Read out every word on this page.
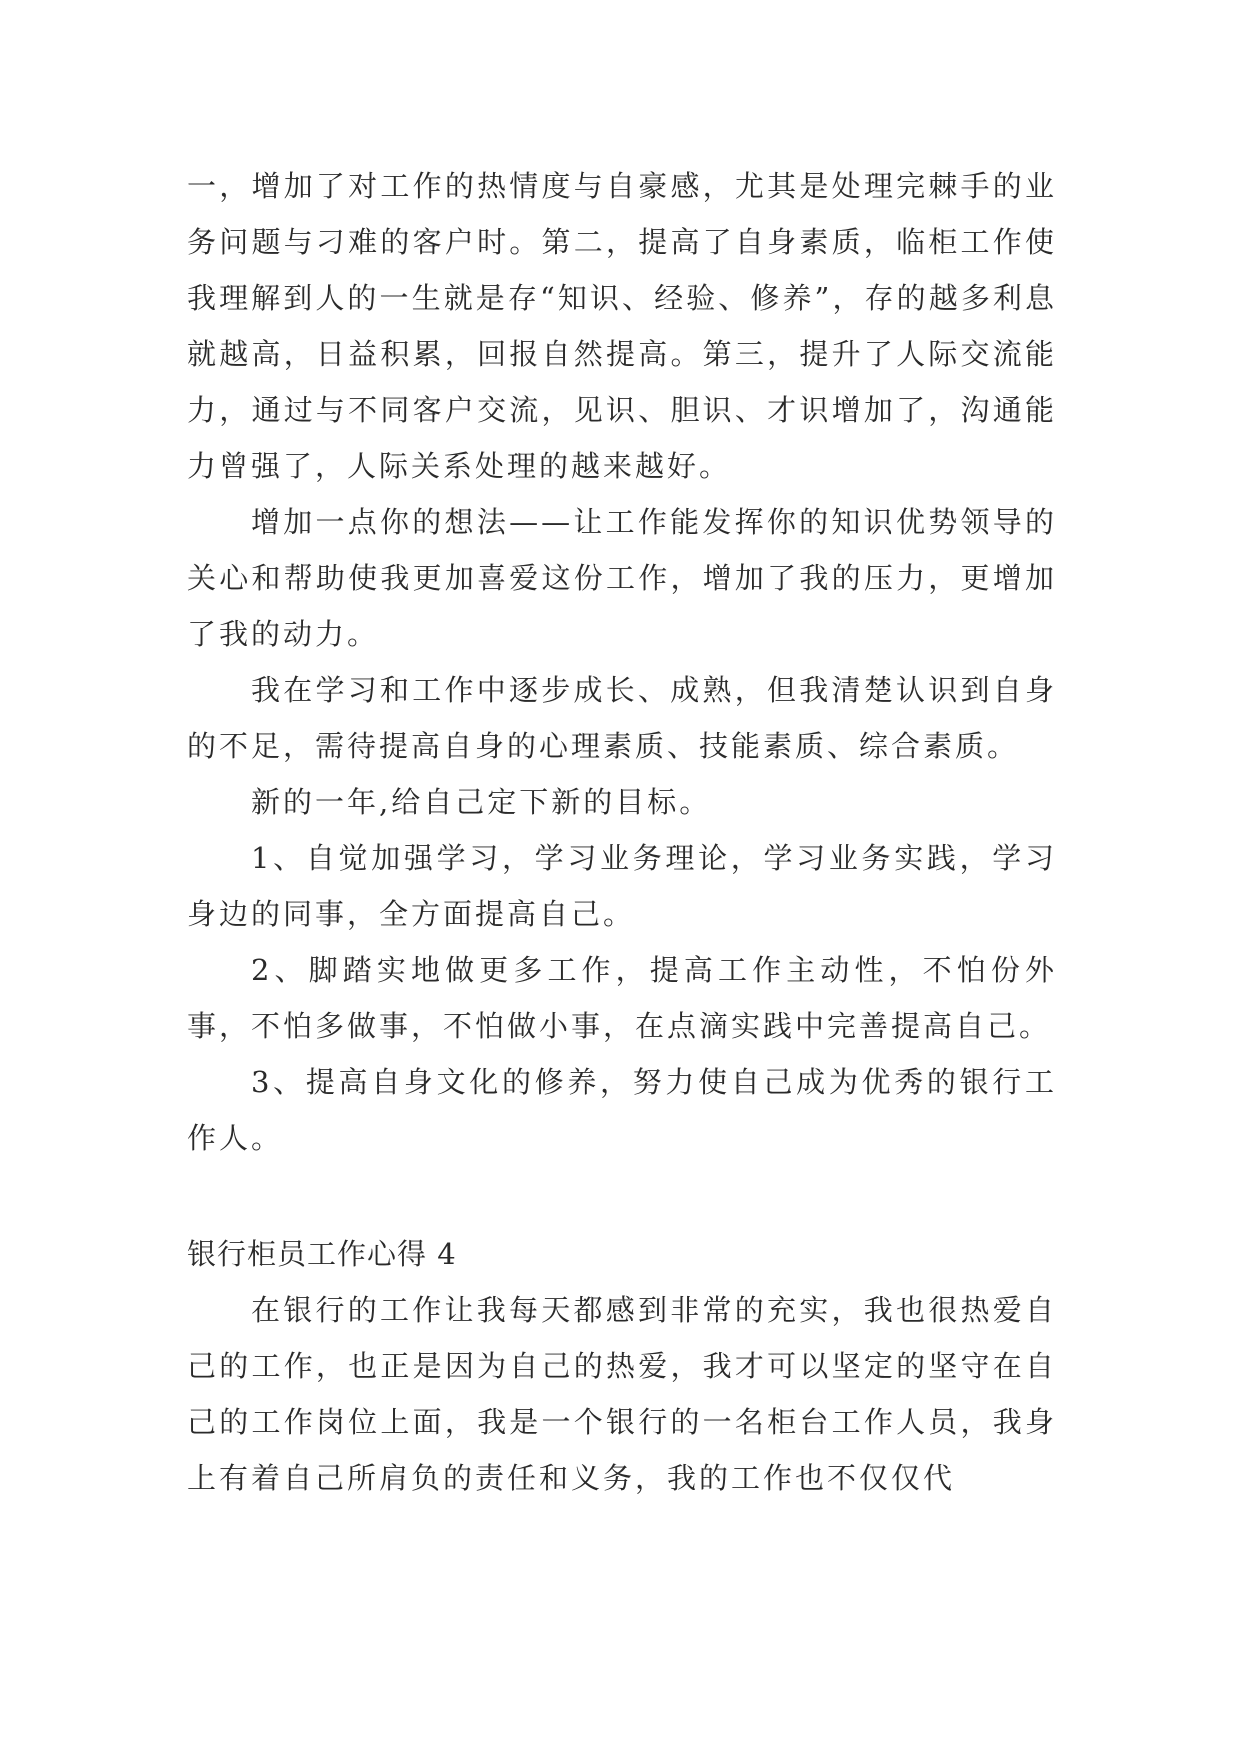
一，增加了对工作的热情度与自豪感，尤其是处理完棘手的业务问题与刁难的客户时。第二，提高了自身素质，临柜工作使我理解到人的一生就是存“知识、经验、修养”，存的越多利息就越高，日益积累，回报自然提高。第三，提升了人际交流能力，通过与不同客户交流，见识、胆识、才识增加了，沟通能力曾强了，人际关系处理的越来越好。

增加一点你的想法——让工作能发挥你的知识优势领导的关心和帮助使我更加喜爱这份工作，增加了我的压力，更增加了我的动力。

我在学习和工作中逐步成长、成熟，但我清楚认识到自身的不足，需待提高自身的心理素质、技能素质、综合素质。

新的一年,给自己定下新的目标。

1、自觉加强学习，学习业务理论，学习业务实践，学习身边的同事，全方面提高自己。

2、脚踏实地做更多工作，提高工作主动性，不怕份外事，不怕多做事，不怕做小事，在点滴实践中完善提高自己。

3、提高自身文化的修养，努力使自己成为优秀的银行工作人。

银行柜员工作心得 4

在银行的工作让我每天都感到非常的充实，我也很热爱自己的工作，也正是因为自己的热爱，我才可以坚定的坚守在自己的工作岗位上面，我是一个银行的一名柜台工作人员，我身上有着自己所肩负的责任和义务，我的工作也不仅仅代
